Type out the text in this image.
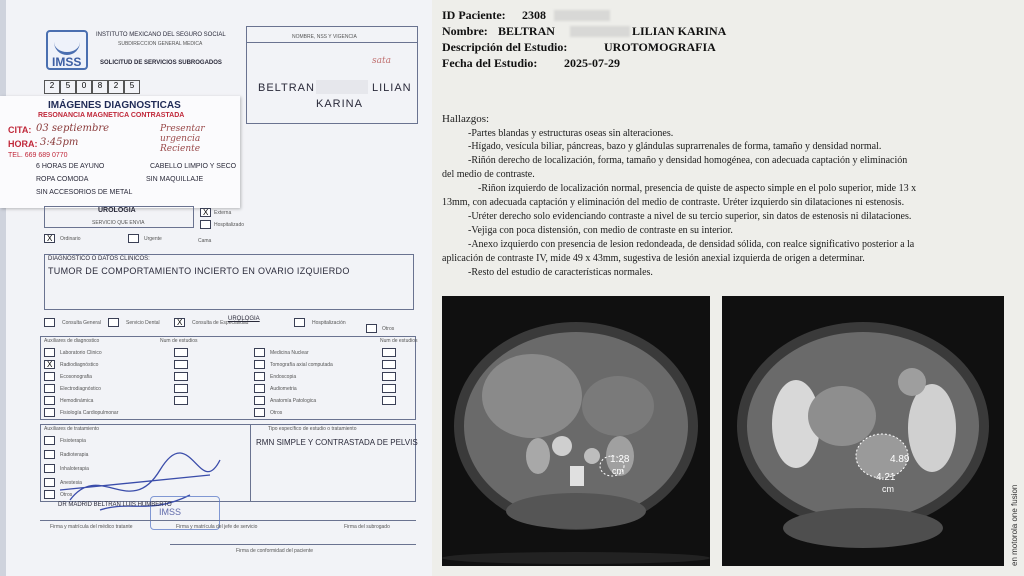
IMSS
INSTITUTO MEXICANO DEL SEGURO SOCIAL
SUBDIRECCION GENERAL MEDICA
SOLICITUD DE SERVICIOS SUBROGADOS
NOMBRE, NSS Y VIGENCIA
BELTRAN	LILIAN
KARINA
sata
2	5	0	8	2	5
IMÁGENES DIAGNOSTICAS
RESONANCIA MAGNETICA CONTRASTADA
CITA: 03 septiembre
HORA: 3:45pm
Presentar
urgencia
Reciente
TEL. 669 689 0770
6 HORAS DE AYUNO	CABELLO LIMPIO Y SECO
ROPA COMODA	SIN MAQUILLAJE
SIN ACCESORIOS DE METAL
UROLOGIA
SERVICIO QUE ENVIA
X Externa
Hospitalizado
X Ordinario	Urgente	Cama
DIAGNOSTICO O DATOS CLINICOS:
TUMOR DE COMPORTAMIENTO INCIERTO EN OVARIO IZQUIERDO
Consulta General	Servicio Dental X Consulta de Especialidad
UROLOGIA
Hospitalización
Otros
Auxiliares de diagnostico	Num de estudios	Num de estudios
Laboratorio Clinico
X Radiodiagnóstico
Ecosonografia
Electrodiagnóstico
Hemodinámica
Fisiología Cardiopulmonar
Medicina Nuclear
Tomografía axial computada
Endoscopia
Audiometria
Anatomía Patologica
Otros
Auxiliares de tratamiento
Fisioterapia
Radioterapia
Inhaloterapia
Anestesia
Otros
Tipo específico de estudio o tratamiento
RMN SIMPLE Y CONTRASTADA DE PELVIS
IMSS
DR MADRID BELTRAN LUIS HUMBERTO
Firma y matrícula del médico tratante	Firma y matrícula del jefe de servicio	Firma del subrogado
Firma de conformidad del paciente
ID Paciente: 2308
Nombre: BELTRAN	LILIAN KARINA
Descripción del Estudio:	UROTOMOGRAFIA
Fecha del Estudio: 2025-07-29
Hallazgos:
-Partes blandas y estructuras oseas sin alteraciones.
-Hígado, vesícula biliar, páncreas, bazo y glándulas suprarrenales de forma, tamaño y densidad normal.
-Riñón derecho de localización, forma, tamaño y densidad homogénea, con adecuada captación y eliminación
del medio de contraste.
-Riñon izquierdo de localización normal, presencia de quiste de aspecto simple en el polo superior, mide 13 x
13mm, con adecuada captación y eliminación del medio de contraste. Uréter izquierdo sin dilataciones ni estenosis.
-Uréter derecho solo evidenciando contraste a nivel de su tercio superior, sin datos de estenosis ni dilataciones.
-Vejiga con poca distensión, con medio de contraste en su interior.
-Anexo izquierdo con presencia de lesion redondeada, de densidad sólida, con realce significativo posterior a la
aplicación de contraste IV, mide 49 x 43mm, sugestiva de lesión anexial izquierda de origen a determinar.
-Resto del estudio de características normales.
1.28
cm
4.89
4.21
cm	en motorola one fusion
